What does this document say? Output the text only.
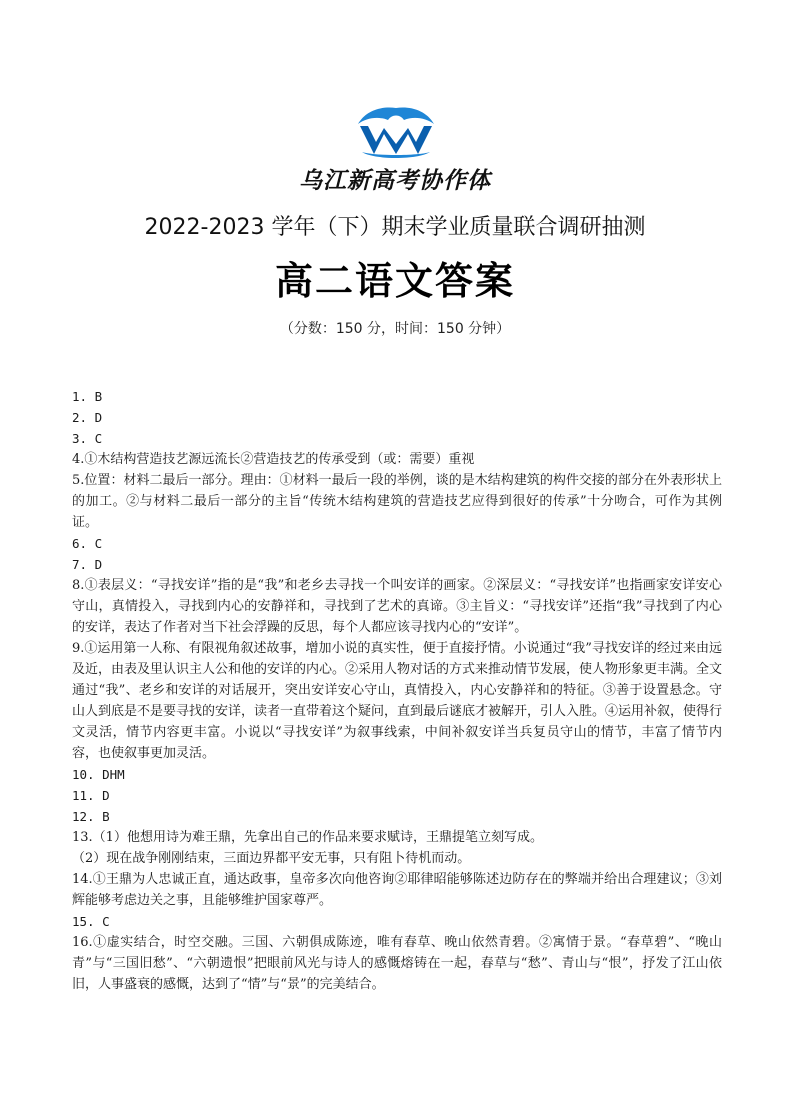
乌江新高考协作体
2022-2023 学年（下）期末学业质量联合调研抽测
高二语文答案
（分数：150 分，时间：150 分钟）

1. B

2. D

3. C

4.①木结构营造技艺源远流长②营造技艺的传承受到（或：需要）重视

5.位置：材料二最后一部分。理由：①材料一最后一段的举例，谈的是木结构建筑的构件交接的部分在外表形状上的加工。②与材料二最后一部分的主旨“传统木结构建筑的营造技艺应得到很好的传承”十分吻合，可作为其例证。

6. C

7. D

8.①表层义：“寻找安详”指的是“我”和老乡去寻找一个叫安详的画家。②深层义：“寻找安详”也指画家安详安心守山，真情投入，寻找到内心的安静祥和，寻找到了艺术的真谛。③主旨义：“寻找安详”还指“我”寻找到了内心的安详，表达了作者对当下社会浮躁的反思，每个人都应该寻找内心的“安详”。

9.①运用第一人称、有限视角叙述故事，增加小说的真实性，便于直接抒情。小说通过“我”寻找安详的经过来由远及近，由表及里认识主人公和他的安详的内心。②采用人物对话的方式来推动情节发展，使人物形象更丰满。全文通过“我”、老乡和安详的对话展开，突出安详安心守山，真情投入，内心安静祥和的特征。③善于设置悬念。守山人到底是不是要寻找的安详，读者一直带着这个疑问，直到最后谜底才被解开，引人入胜。④运用补叙，使得行文灵活，情节内容更丰富。小说以“寻找安详”为叙事线索，中间补叙安详当兵复员守山的情节，丰富了情节内容，也使叙事更加灵活。

10. DHM

11. D

12. B

13.（1）他想用诗为难王鼎，先拿出自己的作品来要求赋诗，王鼎提笔立刻写成。

（2）现在战争刚刚结束，三面边界都平安无事，只有阻卜待机而动。

14.①王鼎为人忠诚正直，通达政事，皇帝多次向他咨询②耶律昭能够陈述边防存在的弊端并给出合理建议；③刘辉能够考虑边关之事，且能够维护国家尊严。

15. C

16.①虚实结合，时空交融。三国、六朝俱成陈迹，唯有春草、晚山依然青碧。②寓情于景。“春草碧”、“晚山青”与“三国旧愁”、“六朝遗恨”把眼前风光与诗人的感慨熔铸在一起，春草与“愁”、青山与“恨”，抒发了江山依旧，人事盛衰的感慨，达到了“情”与“景”的完美结合。
